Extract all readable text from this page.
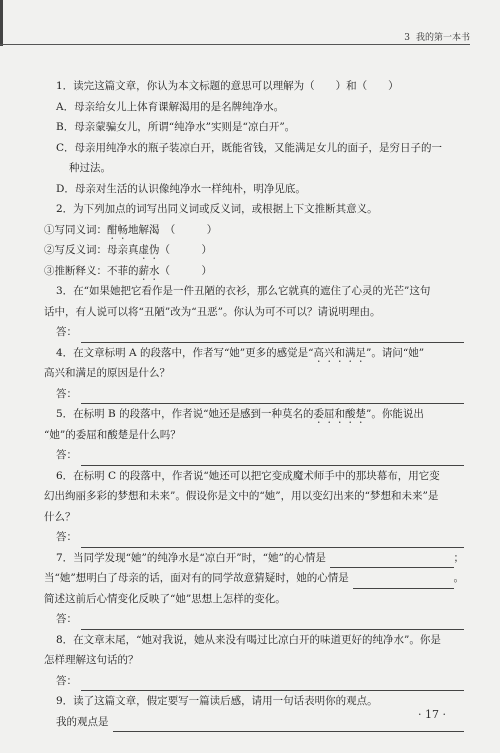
3 我的第一本书
1．读完这篇文章，你认为本文标题的意思可以理解为（　　）和（　　）
A．母亲给女儿上体育课解渴用的是名牌纯净水。
B．母亲蒙骗女儿，所谓“纯净水”实则是“凉白开”。
C．母亲用纯净水的瓶子装凉白开，既能省钱，又能满足女儿的面子，是穷日子的一
种过法。
D．母亲对生活的认识像纯净水一样纯朴，明净见底。
2．为下列加点的词写出同义词或反义词，或根据上下文推断其意义。
①写同义词：酣畅地解渴　（　　　）
②写反义词：母亲真虚伪（　　　）
③推断释义：不菲的薪水（　　　）
3．在“如果她把它看作是一件丑陋的衣衫，那么它就真的遮住了心灵的光芒”这句
话中，有人说可以将“丑陋”改为“丑恶”。你认为可不可以？请说明理由。
答：
4．在文章标明 A 的段落中，作者写“她”更多的感觉是“高兴和满足”。请问“她”
高兴和满足的原因是什么？
答：
5．在标明 B 的段落中，作者说“她还是感到一种莫名的委屈和酸楚”。你能说出
“她”的委屈和酸楚是什么吗？
答：
6．在标明 C 的段落中，作者说“她还可以把它变成魔术师手中的那块幕布，用它变
幻出绚丽多彩的梦想和未来”。假设你是文中的“她”，用以变幻出来的“梦想和未来”是
什么？
答：
7．当同学发现“她”的纯净水是“凉白开”时，“她”的心情是	；
当“她”想明白了母亲的话，面对有的同学故意猜疑时，她的心情是	。
简述这前后心情变化反映了“她”思想上怎样的变化。
答：
8．在文章末尾，“她对我说，她从来没有喝过比凉白开的味道更好的纯净水”。你是
怎样理解这句话的？
答：
9．读了这篇文章，假定要写一篇读后感，请用一句话表明你的观点。
我的观点是
· 17 ·
